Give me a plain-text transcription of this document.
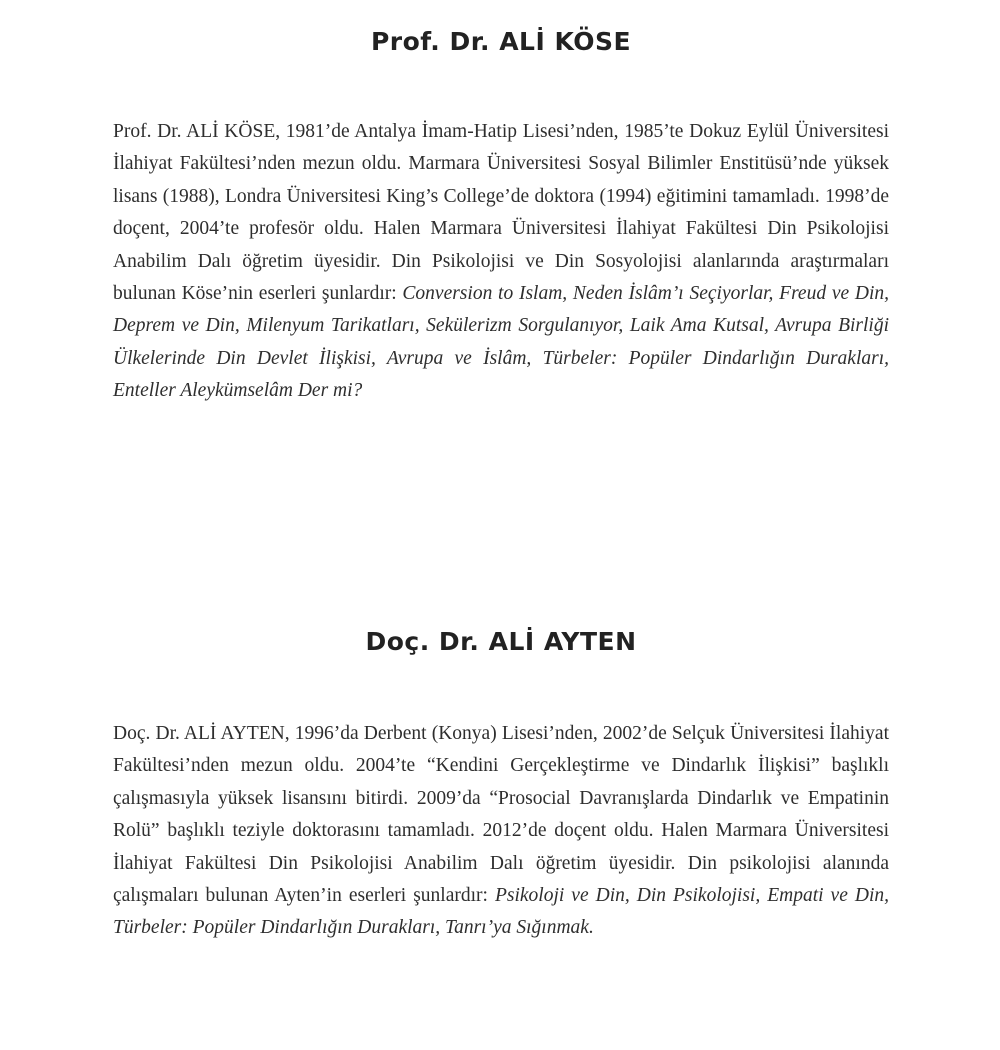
Prof. Dr. ALİ KÖSE

Prof. Dr. ALİ KÖSE, 1981’de Antalya İmam-Hatip Lisesi’nden, 1985’te Dokuz Eylül Üniversitesi İlahiyat Fakültesi’nden mezun oldu. Marmara Üniversitesi Sosyal Bilimler Enstitüsü’nde yüksek lisans (1988), Londra Üniversitesi King’s College’de doktora (1994) eğitimini tamamladı. 1998’de doçent, 2004’te profesör oldu. Halen Marmara Üniversitesi İlahiyat Fakültesi Din Psikolojisi Anabilim Dalı öğretim üyesidir. Din Psikolojisi ve Din Sosyolojisi alanlarında araştırmaları bulunan Köse’nin eserleri şunlardır: Conversion to Islam, Neden İslâm’ı Seçiyorlar, Freud ve Din, Deprem ve Din, Milenyum Tarikatları, Sekülerizm Sorgulanıyor, Laik Ama Kutsal, Avrupa Birliği Ülkelerinde Din Devlet İlişkisi, Avrupa ve İslâm, Türbeler: Popüler Dindarlığın Durakları, Enteller Aleykümselâm Der mi?

Doç. Dr. ALİ AYTEN

Doç. Dr. ALİ AYTEN, 1996’da Derbent (Konya) Lisesi’nden, 2002’de Selçuk Üniversitesi İlahiyat Fakültesi’nden mezun oldu. 2004’te “Kendini Gerçekleştirme ve Dindarlık İlişkisi” başlıklı çalışmasıyla yüksek lisansını bitirdi. 2009’da “Prosocial Davranışlarda Dindarlık ve Empatinin Rolü” başlıklı teziyle doktorasını tamamladı. 2012’de doçent oldu. Halen Marmara Üniversitesi İlahiyat Fakültesi Din Psikolojisi Anabilim Dalı öğretim üyesidir. Din psikolojisi alanında çalışmaları bulunan Ayten’in eserleri şunlardır: Psikoloji ve Din, Din Psikolojisi, Empati ve Din, Türbeler: Popüler Dindarlığın Durakları, Tanrı’ya Sığınmak.
